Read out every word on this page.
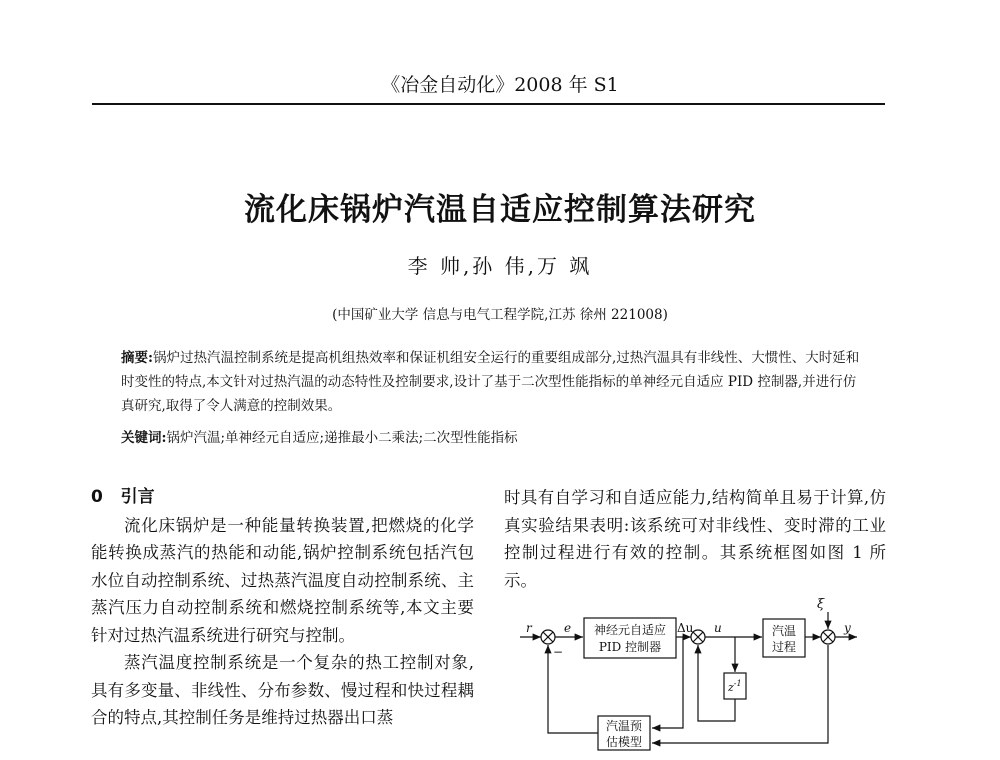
《冶金自动化》2008 年 S1
流化床锅炉汽温自适应控制算法研究
李 帅,孙 伟,万 飒
(中国矿业大学 信息与电气工程学院,江苏 徐州 221008)
摘要:锅炉过热汽温控制系统是提高机组热效率和保证机组安全运行的重要组成部分,过热汽温具有非线性、大惯性、大时延和时变性的特点,本文针对过热汽温的动态特性及控制要求,设计了基于二次型性能指标的单神经元自适应 PID 控制器,并进行仿真研究,取得了令人满意的控制效果。
关键词:锅炉汽温;单神经元自适应;递推最小二乘法;二次型性能指标
0 引言
流化床锅炉是一种能量转换装置,把燃烧的化学能转换成蒸汽的热能和动能,锅炉控制系统包括汽包水位自动控制系统、过热蒸汽温度自动控制系统、主蒸汽压力自动控制系统和燃烧控制系统等,本文主要针对过热汽温系统进行研究与控制。
蒸汽温度控制系统是一个复杂的热工控制对象,具有多变量、非线性、分布参数、慢过程和快过程耦合的特点,其控制任务是维持过热器出口蒸
时具有自学习和自适应能力,结构简单且易于计算,仿真实验结果表明:该系统可对非线性、变时滞的工业控制过程进行有效的控制。其系统框图如图 1 所示。
r	e
−
神经元自适应
PID 控制器
Δu u
$z^{-1}$
汽温
过程
ξ
y
汽温预
估模型
